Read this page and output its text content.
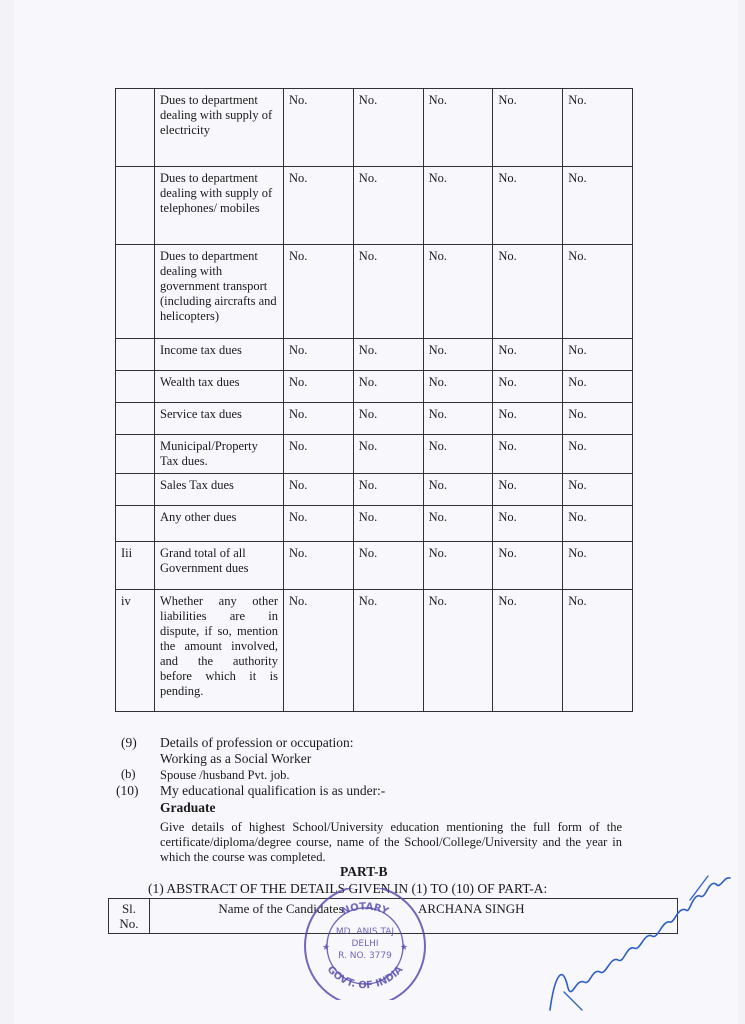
	Dues to department dealing with supply of electricity	No.	No.	No.	No.	No.
	Dues to department dealing with supply of telephones/ mobiles	No.	No.	No.	No.	No.
	Dues to department dealing with government transport (including aircrafts and helicopters)	No.	No.	No.	No.	No.
	Income tax dues	No.	No.	No.	No.	No.
	Wealth tax dues	No.	No.	No.	No.	No.
	Service tax dues	No.	No.	No.	No.	No.
	Municipal/Property Tax dues.	No.	No.	No.	No.	No.
	Sales Tax dues	No.	No.	No.	No.	No.
	Any other dues	No.	No.	No.	No.	No.
Iii	Grand total of all Government dues	No.	No.	No.	No.	No.
iv	Whether any other liabilities are in dispute, if so, mention the amount involved, and the authority before which it is pending.	No.	No.	No.	No.	No.
(9) Details of profession or occupation:
Working as a Social Worker
(b) Spouse /husband Pvt. job.
(10) My educational qualification is as under:-
Graduate
Give details of highest School/University education mentioning the full form of the certificate/diploma/degree course, name of the School/College/University and the year in which the course was completed.
PART-B
(1) ABSTRACT OF THE DETAILS GIVEN IN (1) TO (10) OF PART-A:
Sl. No.	Name of the Candidates	ARCHANA SINGH
NOTARY
GOVT. OF INDIA
MD. ANIS TAJ
DELHI
R. NO. 3779
★	★
